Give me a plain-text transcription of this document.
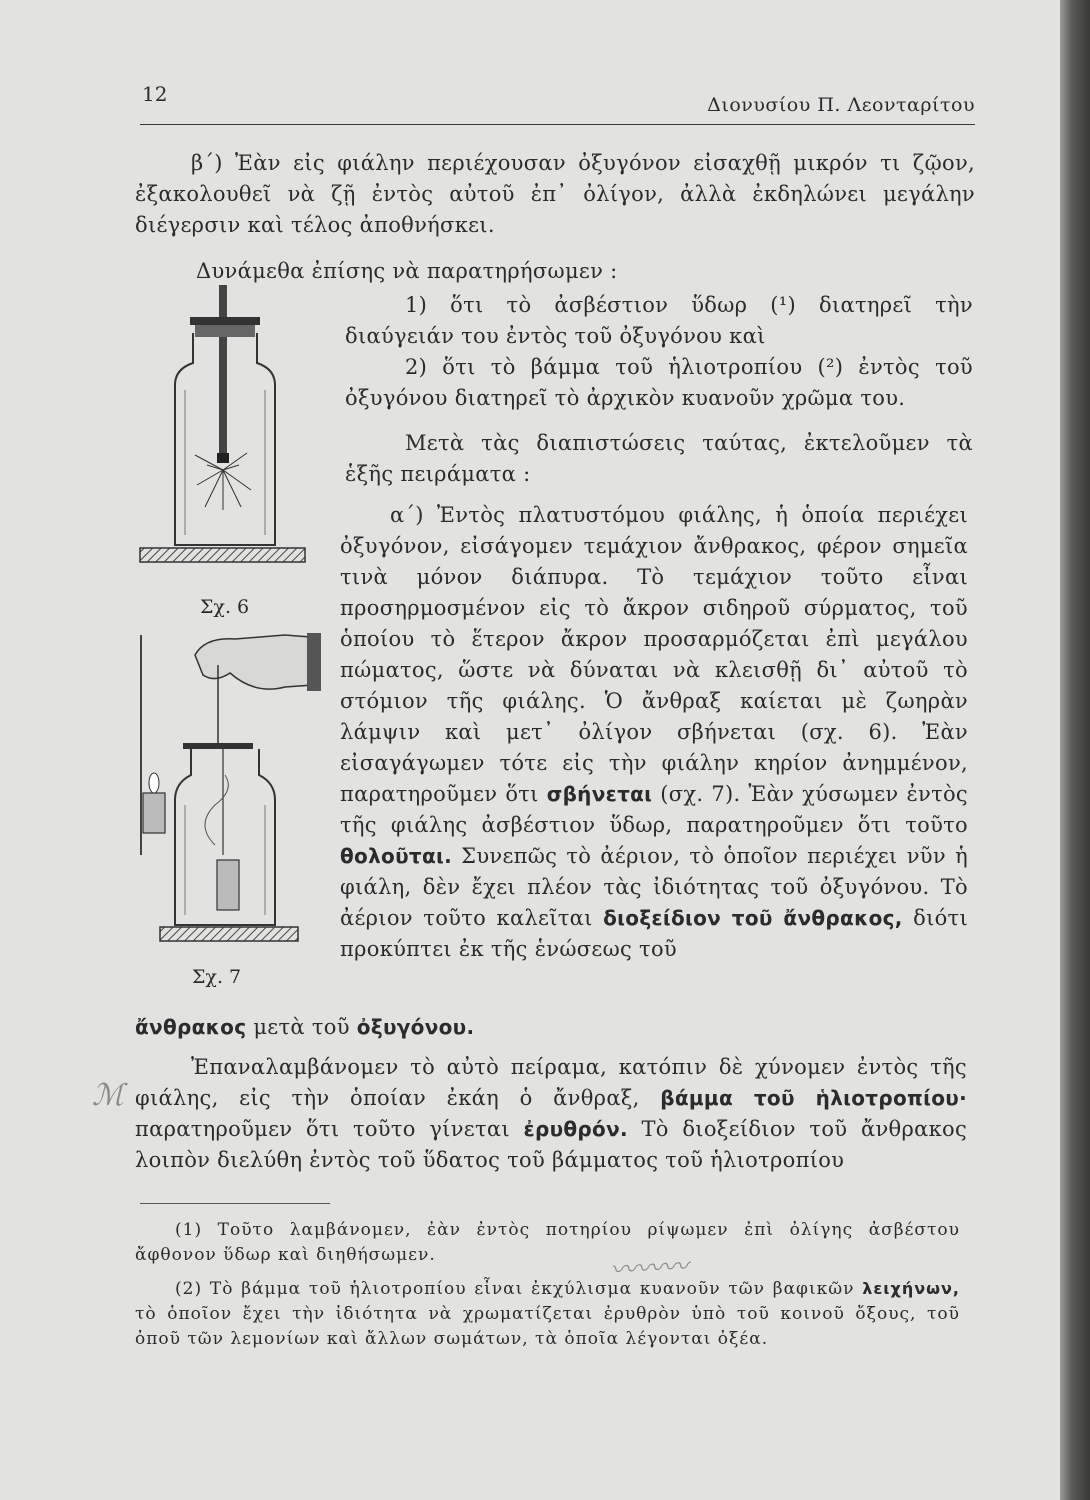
12	Διονυσίου Π. Λεονταρίτου
β΄) Ἐὰν εἰς φιάλην περιέχουσαν ὀξυγόνον εἰσαχθῇ μικρόν τι ζῷον, ἐξακολουθεῖ νὰ ζῇ ἐντὸς αὐτοῦ ἐπ᾿ ὀλίγον, ἀλλὰ ἐκδηλώνει μεγάλην διέγερσιν καὶ τέλος ἀποθνήσκει.
Δυνάμεθα ἐπίσης νὰ παρατηρήσωμεν :
1) ὅτι τὸ ἀσβέστιον ὕδωρ (¹) διατηρεῖ τὴν διαύγειάν του ἐντὸς τοῦ ὀξυγόνου καὶ
2) ὅτι τὸ βάμμα τοῦ ἡλιοτροπίου (²) ἐντὸς τοῦ ὀξυγόνου διατηρεῖ τὸ ἀρχικὸν κυανοῦν χρῶμα του.
Μετὰ τὰς διαπιστώσεις ταύτας, ἐκτελοῦμεν τὰ ἑξῆς πειράματα :
α΄) Ἐντὸς πλατυστόμου φιάλης, ἡ ὁποία περιέχει ὀξυγόνον, εἰσάγομεν τεμάχιον ἄνθρακος, φέρον σημεῖα τινὰ μόνον διάπυρα. Τὸ τεμάχιον τοῦτο εἶναι προσηρμοσμένον εἰς τὸ ἄκρον σιδηροῦ σύρματος, τοῦ ὁποίου τὸ ἕτερον ἄκρον προσαρμόζεται ἐπὶ μεγάλου πώματος, ὥστε νὰ δύναται νὰ κλεισθῇ δι᾿ αὐτοῦ τὸ στόμιον τῆς φιάλης. Ὁ ἄνθραξ καίεται μὲ ζωηρὰν λάμψιν καὶ μετ᾿ ὀλίγον σβήνεται (σχ. 6). Ἐὰν εἰσαγάγωμεν τότε εἰς τὴν φιάλην κηρίον ἀνημμένον, παρατηροῦμεν ὅτι σβήνεται (σχ. 7). Ἐὰν χύσωμεν ἐντὸς τῆς φιάλης ἀσβέστιον ὕδωρ, παρατηροῦμεν ὅτι τοῦτο θολοῦται. Συνεπῶς τὸ ἀέριον, τὸ ὁποῖον περιέχει νῦν ἡ φιάλη, δὲν ἔχει πλέον τὰς ἰδιότητας τοῦ ὀξυγόνου. Τὸ ἀέριον τοῦτο καλεῖται διοξείδιον τοῦ ἄνθρακος, διότι προκύπτει ἐκ τῆς ἑνώσεως τοῦ
ἄνθρακος μετὰ τοῦ ὀξυγόνου.
Ἐπαναλαμβάνομεν τὸ αὐτὸ πείραμα, κατόπιν δὲ χύνομεν ἐντὸς τῆς φιάλης, εἰς τὴν ὁποίαν ἐκάη ὁ ἄνθραξ, βάμμα τοῦ ἡλιοτροπίου· παρατηροῦμεν ὅτι τοῦτο γίνεται ἐρυθρόν. Τὸ διοξείδιον τοῦ ἄνθρακος λοιπὸν διελύθη ἐντὸς τοῦ ὕδατος τοῦ βάμματος τοῦ ἡλιοτροπίου
Σχ. 6
Σχ. 7
ℳ
〰〰〰
(1) Τοῦτο λαμβάνομεν, ἐὰν ἐντὸς ποτηρίου ρίψωμεν ἐπὶ ὀλίγης ἀσβέστου ἄφθονον ὕδωρ καὶ διηθήσωμεν.
(2) Τὸ βάμμα τοῦ ἡλιοτροπίου εἶναι ἐκχύλισμα κυανοῦν τῶν βαφικῶν λειχήνων, τὸ ὁποῖον ἔχει τὴν ἰδιότητα νὰ χρωματίζεται ἐρυθρὸν ὑπὸ τοῦ κοινοῦ ὄξους, τοῦ ὀποῦ τῶν λεμονίων καὶ ἄλλων σωμάτων, τὰ ὁποῖα λέγονται ὀξέα.
